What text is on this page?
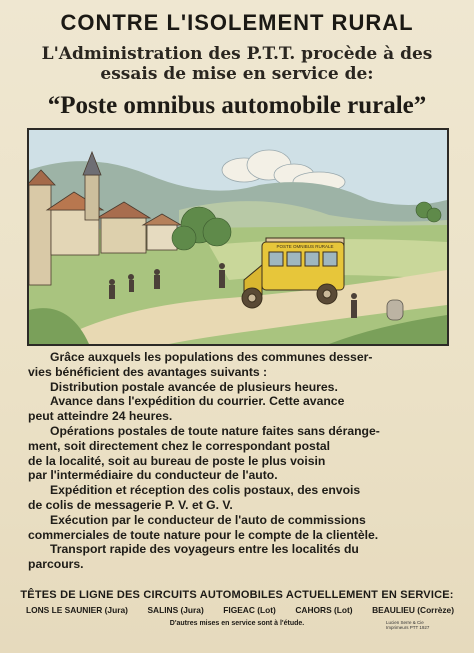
CONTRE L'ISOLEMENT RURAL
L'Administration des P.T.T. procède à des
essais de mise en service de:
“Poste omnibus automobile rurale”
POSTE OMNIBUS RURALE

Grâce auxquels les populations des communes desser-

vies bénéficient des avantages suivants :

Distribution postale avancée de plusieurs heures.

Avance dans l'expédition du courrier. Cette avance

peut atteindre 24 heures.

Opérations postales de toute nature faites sans dérange-

ment, soit directement chez le correspondant postal

de la localité, soit au bureau de poste le plus voisin

par l'intermédiaire du conducteur de l'auto.

Expédition et réception des colis postaux, des envois

de colis de messagerie P. V. et G. V.

Exécution par le conducteur de l'auto de commissions

commerciales de toute nature pour le compte de la clientèle.

Transport rapide des voyageurs entre les localités du

parcours.

TÊTES DE LIGNE DES CIRCUITS AUTOMOBILES ACTUELLEMENT EN SERVICE:
LONS LE SAUNIER (Jura) SALINS (Jura) FIGEAC (Lot) CAHORS (Lot) BEAULIEU (Corrèze)
D'autres mises en service sont à l'étude.	Lucien Serre & Cie Imprimeurs PTT 1927
